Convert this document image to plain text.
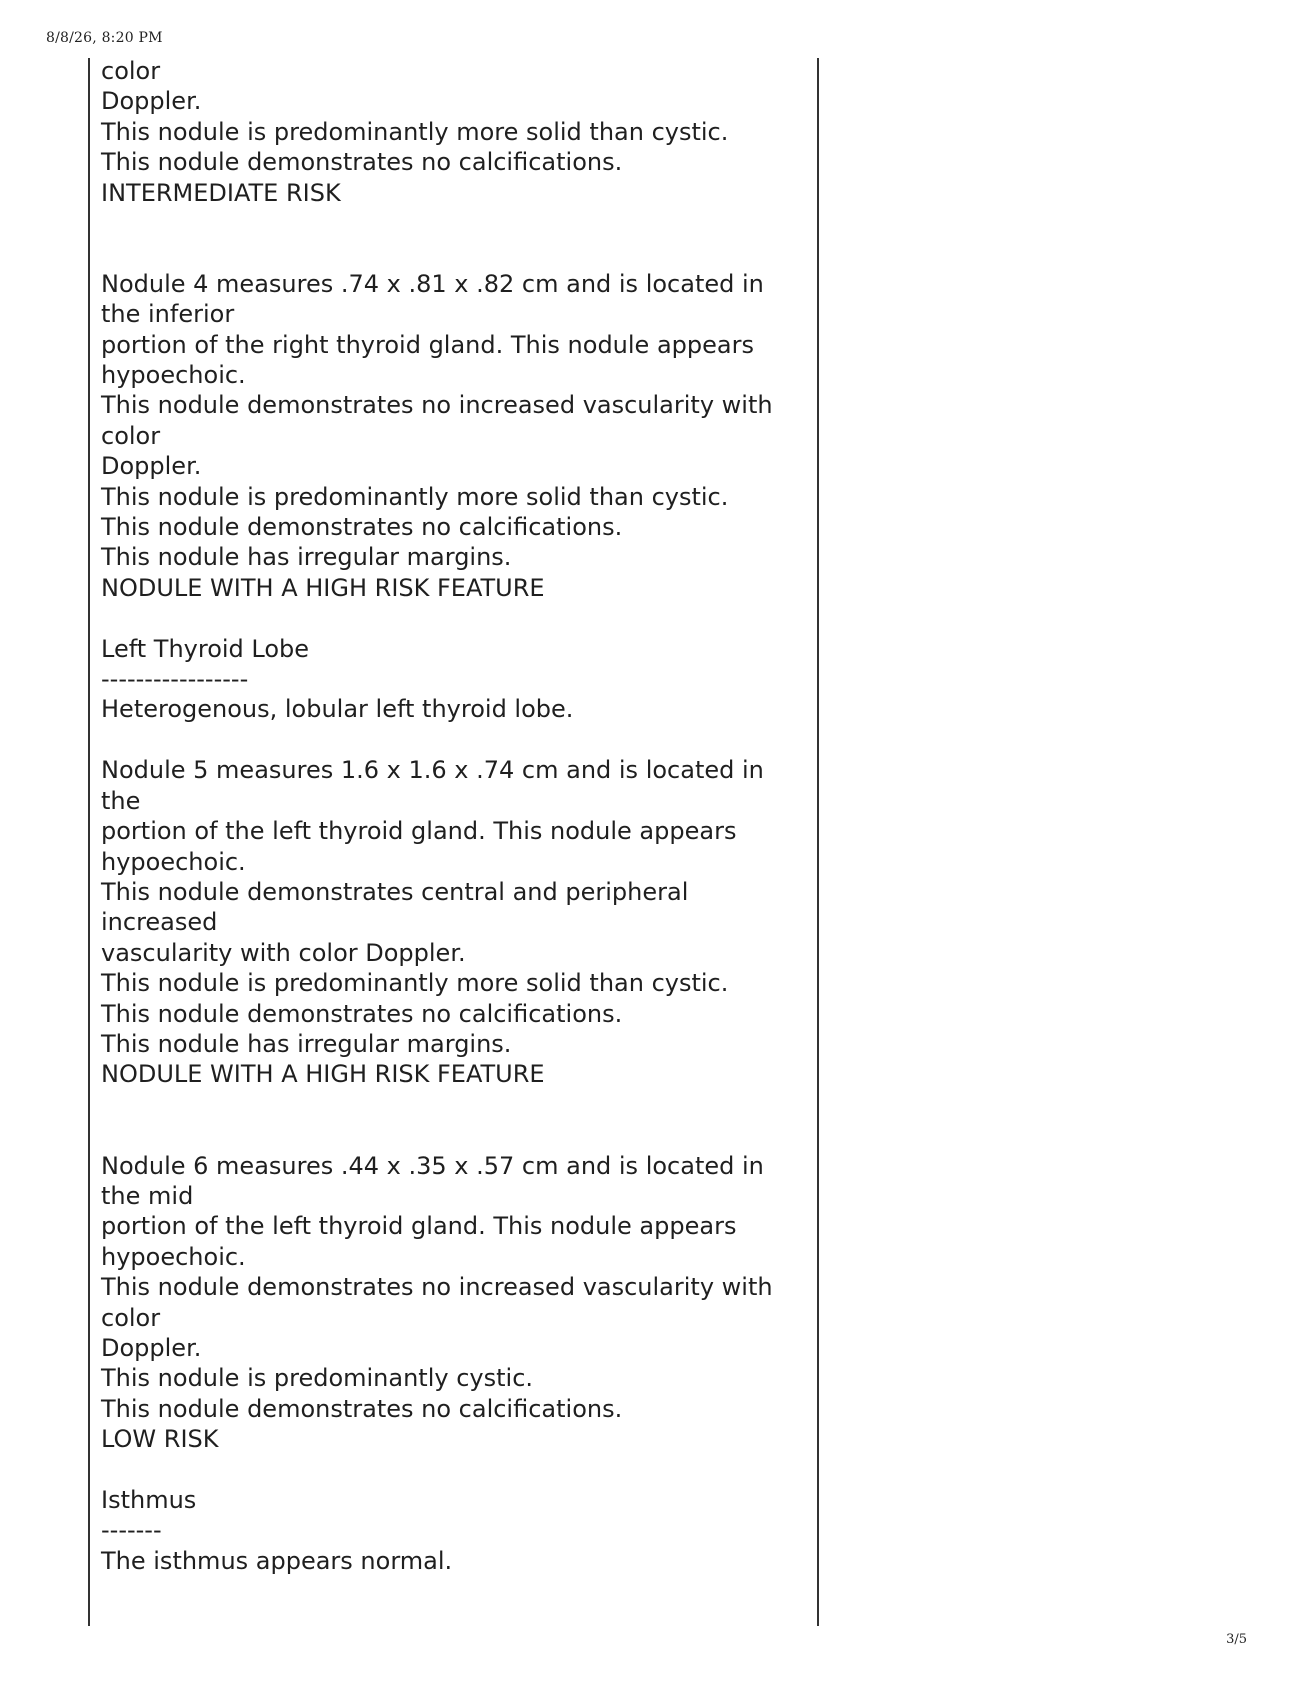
8/8/26, 8:20 PM
color
Doppler.
This nodule is predominantly more solid than cystic.
This nodule demonstrates no calcifications.
INTERMEDIATE RISK
Nodule 4 measures .74 x .81 x .82 cm and is located in
the inferior
portion of the right thyroid gland. This nodule appears
hypoechoic.
This nodule demonstrates no increased vascularity with
color
Doppler.
This nodule is predominantly more solid than cystic.
This nodule demonstrates no calcifications.
This nodule has irregular margins.
NODULE WITH A HIGH RISK FEATURE
Left Thyroid Lobe
-----------------
Heterogenous, lobular left thyroid lobe.
Nodule 5 measures 1.6 x 1.6 x .74 cm and is located in
the
portion of the left thyroid gland. This nodule appears
hypoechoic.
This nodule demonstrates central and peripheral
increased
vascularity with color Doppler.
This nodule is predominantly more solid than cystic.
This nodule demonstrates no calcifications.
This nodule has irregular margins.
NODULE WITH A HIGH RISK FEATURE
Nodule 6 measures .44 x .35 x .57 cm and is located in
the mid
portion of the left thyroid gland. This nodule appears
hypoechoic.
This nodule demonstrates no increased vascularity with
color
Doppler.
This nodule is predominantly cystic.
This nodule demonstrates no calcifications.
LOW RISK
Isthmus
-------
The isthmus appears normal.
3/5
